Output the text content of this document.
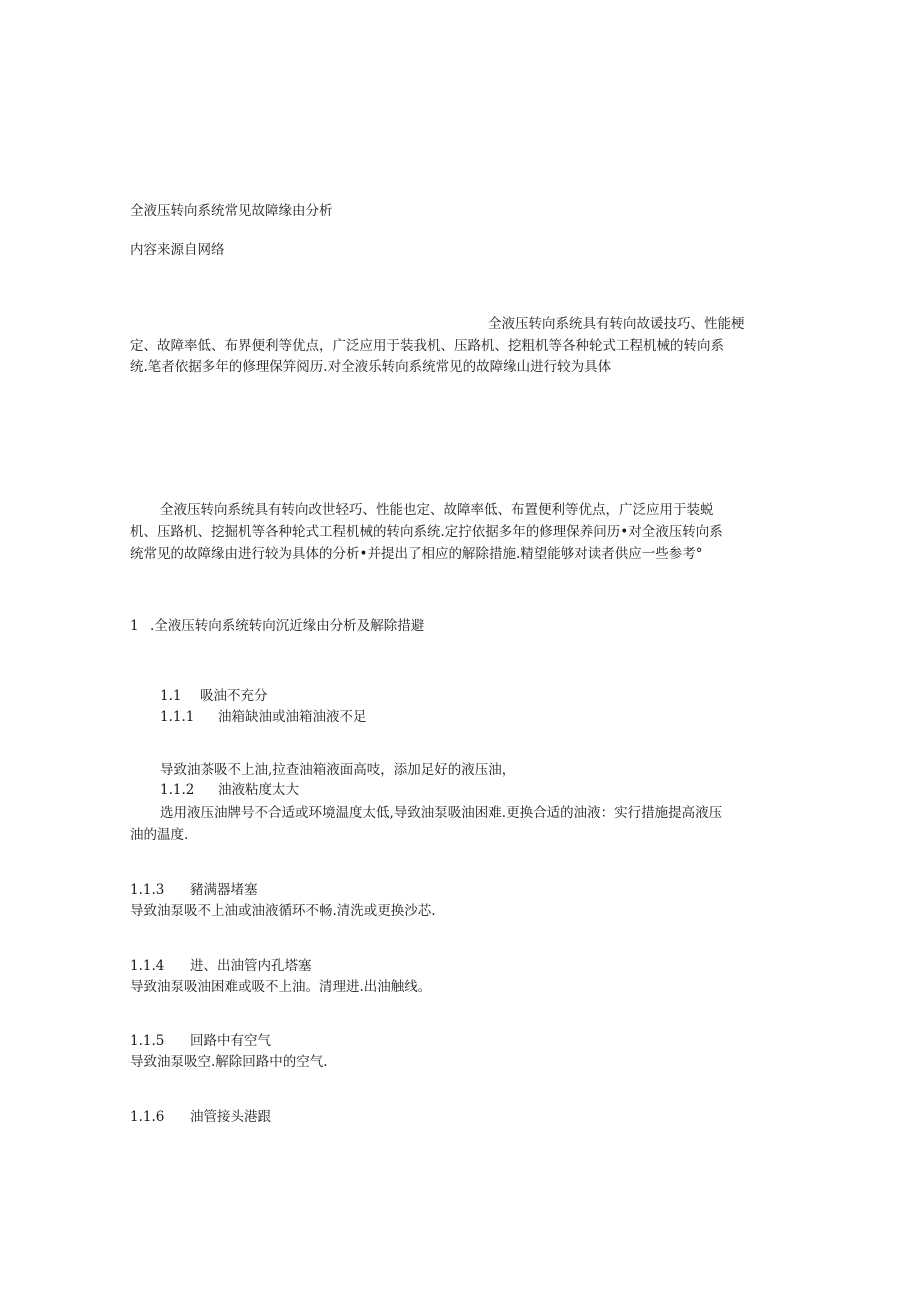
全液压转向系统常见故障缘由分析
内容来源自网络
全液压转向系统具有转向故谖技巧、性能梗
定、故障率低、布界便利等优点，广泛应用于装我机、压路机、挖粗机等各种轮式工程机械的转向系
统.笔者依据多年的修理保笄阅历.对全液乐转向系统常见的故障缘山进行较为具体
全液压转向系统具有转向改世轻巧、性能也定、故障率低、布置便利等优点，广泛应用于装蜕
机、压路机、挖掘机等各种轮式工程机械的转向系统.定拧依据多年的修理保养问历•对全液压转向系
统常见的故障缘由进行较为具体的分析•并提出了相应的解除措施.精望能够对读者供应一些参考°
1 .全液压转向系统转向沉近缘由分析及解除措避
1.1 吸油不充分
1.1.1 油箱缺油或油箱油液不足
导致油茶吸不上油,拉查油箱液面高吱，添加足好的液压油，
1.1.2 油液粘度太大
选用液压油牌号不合适或环境温度太低,导致油泵吸油困难.更换合适的油液：实行措施提高液压
油的温度.
1.1.3 豬满器堵塞
导致油泵吸不上油或油液循环不畅.清洗或更换沙芯.
1.1.4 进、出油管内孔塔塞
导致油泵吸油困难或吸不上油。清理进.出油触线。
1.1.5 回路中有空气
导致油泵吸空.解除回路中的空气.
1.1.6 油管接头港跟
